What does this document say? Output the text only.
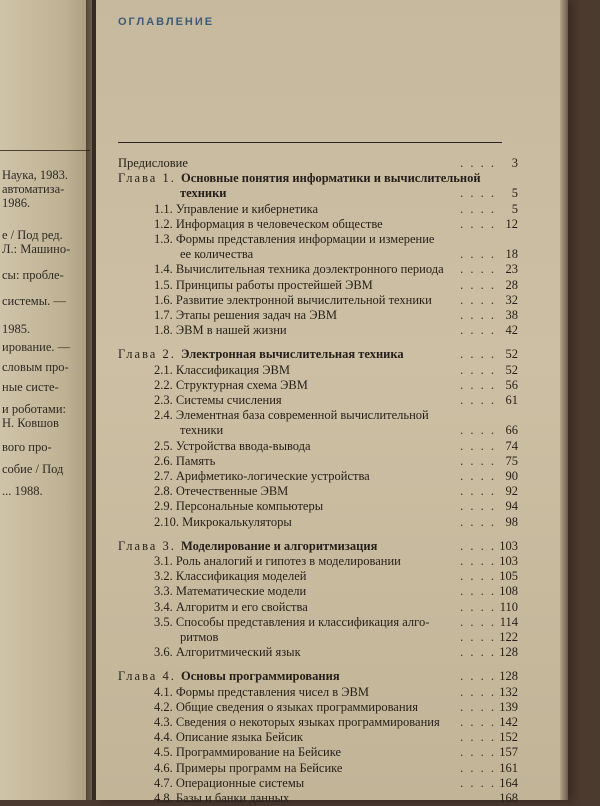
Наука, 1983.
автоматиза-
1986.
е / Под ред.
Л.: Машино-
сы: пробле-
системы. —
1985.
ирование. —
словым про-
ные систе-
и роботами:
Н. Ковшов
вого про-
собие / Под
... 1988.
ОГЛАВЛЕНИЕ
Предисловие	. . . .	3
Глава 1. Основные понятия информатики и вычислительной
техники	. . . .	5
1.1. Управление и кибернетика	. . . .	5
1.2. Информация в человеческом обществе	. . . . 12
1.3. Формы представления информации и измерение
ее количества	. . . . 18
1.4. Вычислительная техника доэлектронного периода . . . . 23
1.5. Принципы работы простейшей ЭВМ	. . . . 28
1.6. Развитие электронной вычислительной техники . . . . 32
1.7. Этапы решения задач на ЭВМ	. . . . 38
1.8. ЭВМ в нашей жизни	. . . . 42
Глава 2. Электронная вычислительная техника	. . . . 52
2.1. Классификация ЭВМ	. . . . 52
2.2. Структурная схема ЭВМ	. . . . 56
2.3. Системы счисления	. . . . 61
2.4. Элементная база современной вычислительной
техники	. . . . 66
2.5. Устройства ввода-вывода	. . . . 74
2.6. Память	. . . . 75
2.7. Арифметико-логические устройства	. . . . 90
2.8. Отечественные ЭВМ	. . . . 92
2.9. Персональные компьютеры	. . . . 94
2.10. Микрокалькуляторы	. . . . 98
Глава 3. Моделирование и алгоритмизация	. . . . 103
3.1. Роль аналогий и гипотез в моделировании	. . . . 103
3.2. Классификация моделей	. . . . 105
3.3. Математические модели	. . . . 108
3.4. Алгоритм и его свойства	. . . . 110
3.5. Способы представления и классификация алго- . . . . 114
ритмов	. . . . 122
3.6. Алгоритмический язык	. . . . 128
Глава 4. Основы программирования	. . . . 128
4.1. Формы представления чисел в ЭВМ	. . . . 132
4.2. Общие сведения о языках программирования	. . . . 139
4.3. Сведения о некоторых языках программирования . . . . 142
4.4. Описание языка Бейсик	. . . . 152
4.5. Программирование на Бейсике	. . . . 157
4.6. Примеры программ на Бейсике	. . . . 161
4.7. Операционные системы	. . . . 164
4.8. Базы и банки данных	. . . . 168
